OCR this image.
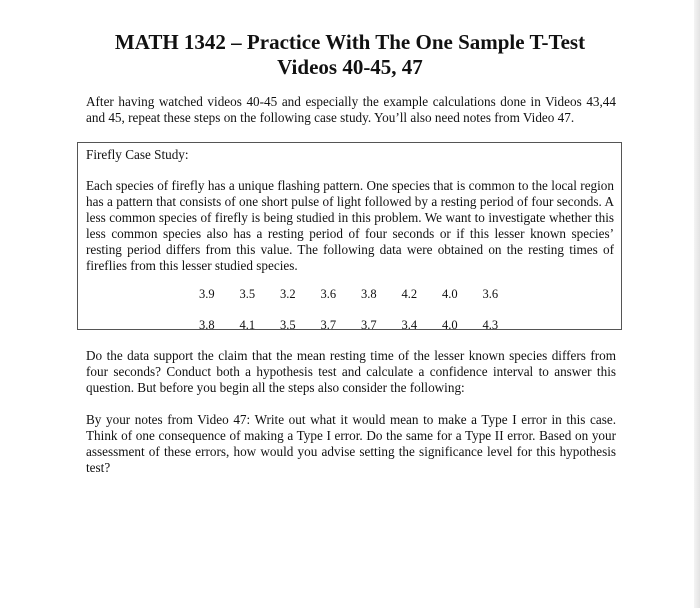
MATH 1342 – Practice With The One Sample T-Test
Videos 40-45, 47
After having watched videos 40-45 and especially the example calculations done in Videos 43,44 and 45, repeat these steps on the following case study. You’ll also need notes from Video 47.
Firefly Case Study:
Each species of firefly has a unique flashing pattern. One species that is common to the local region has a pattern that consists of one short pulse of light followed by a resting period of four seconds. A less common species of firefly is being studied in this problem. We want to investigate whether this less common species also has a resting period of four seconds or if this lesser known species’ resting period differs from this value. The following data were obtained on the resting times of fireflies from this lesser studied species.
3.9	3.5	3.2	3.6	3.8	4.2	4.0	3.6
3.8	4.1	3.5	3.7	3.7	3.4	4.0	4.3
Do the data support the claim that the mean resting time of the lesser known species differs from four seconds? Conduct both a hypothesis test and calculate a confidence interval to answer this question. But before you begin all the steps also consider the following:
By your notes from Video 47: Write out what it would mean to make a Type I error in this case. Think of one consequence of making a Type I error. Do the same for a Type II error. Based on your assessment of these errors, how would you advise setting the significance level for this hypothesis test?
